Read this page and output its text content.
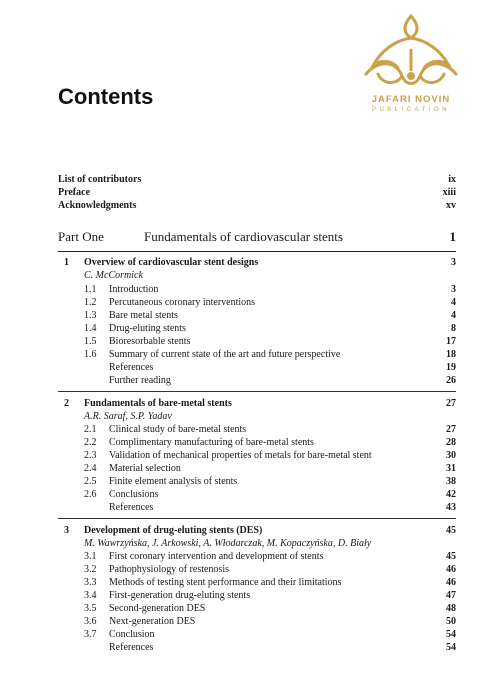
Contents	JAFARI NOVIN
PUBLICATION
List of contributors	ix
Preface	xiii
Acknowledgments	xv
Part One	Fundamentals of cardiovascular stents	1
1 Overview of cardiovascular stent designs	3
C. McCormick
1.1 Introduction	3
1.2 Percutaneous coronary interventions	4
1.3 Bare metal stents	4
1.4 Drug-eluting stents	8
1.5 Bioresorbable stents	17
1.6 Summary of current state of the art and future perspective	18
References	19
Further reading	26
2 Fundamentals of bare-metal stents	27
A.R. Saraf, S.P. Yadav
2.1 Clinical study of bare-metal stents	27
2.2 Complimentary manufacturing of bare-metal stents	28
2.3 Validation of mechanical properties of metals for bare-metal stent	30
2.4 Material selection	31
2.5 Finite element analysis of stents	38
2.6 Conclusions	42
References	43
3 Development of drug-eluting stents (DES)	45
M. Wawrzyńska, J. Arkowski, A. Włodarczak, M. Kopaczyńska, D. Biały
3.1 First coronary intervention and development of stents	45
3.2 Pathophysiology of restenosis	46
3.3 Methods of testing stent performance and their limitations	46
3.4 First-generation drug-eluting stents	47
3.5 Second-generation DES	48
3.6 Next-generation DES	50
3.7 Conclusion	54
References	54
